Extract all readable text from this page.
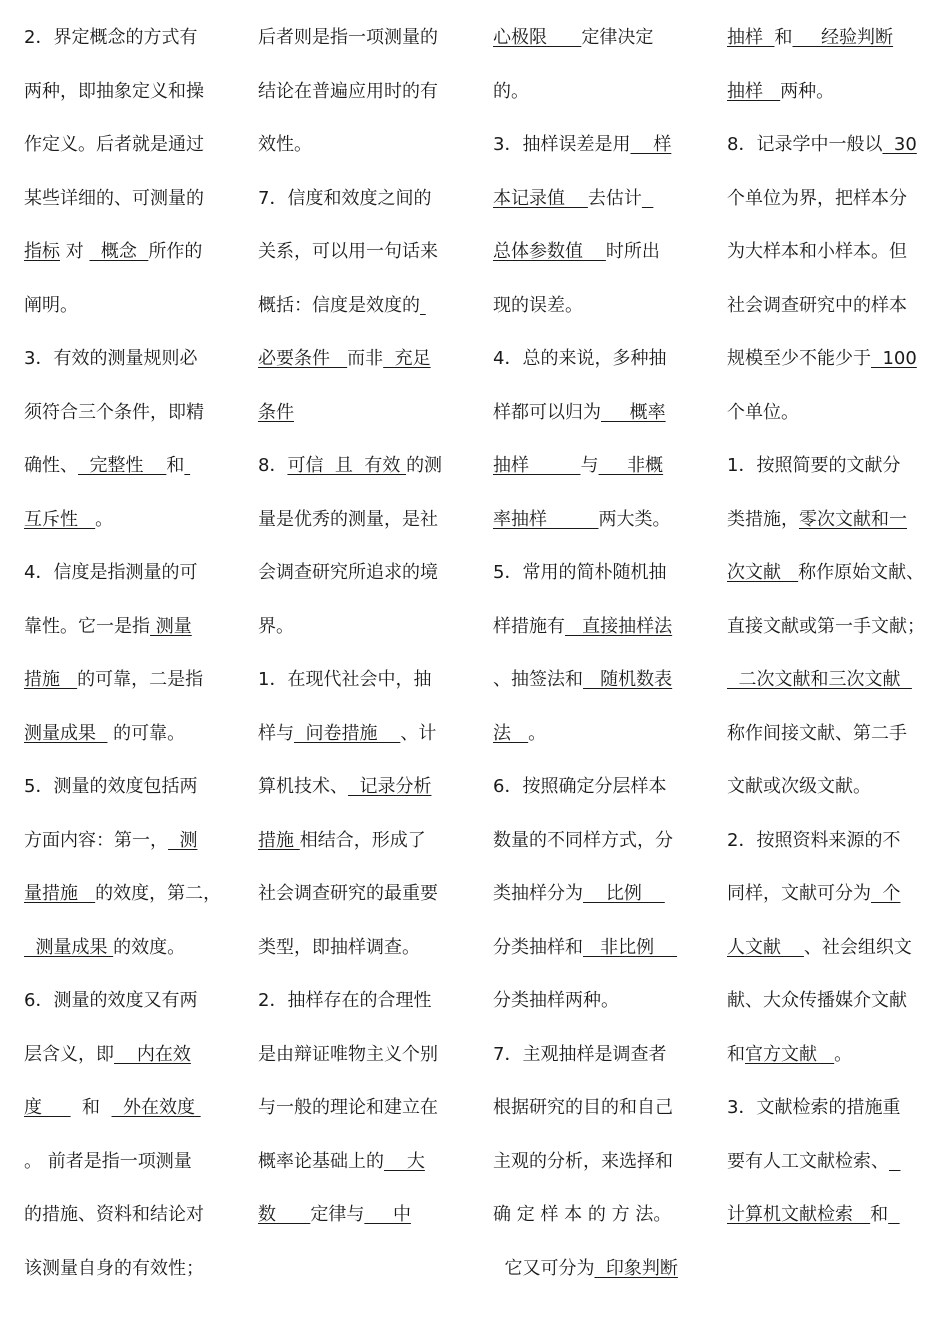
2．界定概念的方式有
两种，即抽象定义和操
作定义。后者就是通过
某些详细的、可测量的
指标 对   概念  所作的
阐明。
3．有效的测量规则必
须符合三个条件，即精
确性、  完整性    和
互斥性   。
4．信度是指测量的可
靠性。它一是指 测量
措施   的可靠，二是指
测量成果   的可靠。
5．测量的效度包括两
方面内容：第一，  测
量措施   的效度，第二，
测量成果 的效度。
6．测量的效度又有两
层含义，即    内在效
度       和    外在效度
。 前者是指一项测量
的措施、资料和结论对
该测量自身的有效性；
后者则是指一项测量的
结论在普遍应用时的有
效性。
7．信度和效度之间的
关系，可以用一句话来
概括：信度是效度的
必要条件   而非  充足
条件
8．可信  且  有效 的测
量是优秀的测量，是社
会调查研究所追求的境
界。
1．在现代社会中，抽
样与  问卷措施    、计
算机技术、  记录分析
措施 相结合，形成了
社会调查研究的最重要
类型，即抽样调查。
2．抽样存在的合理性
是由辩证唯物主义个别
与一般的理论和建立在
概率论基础上的    大
数      定律与     中
心极限      定律决定
的。
3．抽样误差是用    样
本记录值    去估计
总体参数值    时所出
现的误差。
4．总的来说，多种抽
样都可以归为     概率
抽样         与     非概
率抽样         两大类。
5．常用的简朴随机抽
样措施有   直接抽样法
、抽签法和   随机数表
法   。
6．按照确定分层样本
数量的不同样方式，分
类抽样分为    比例
分类抽样和   非比例
分类抽样两种。
7．主观抽样是调查者
根据研究的目的和自己
主观的分析，来选择和
确 定 样 本 的 方 法。
它又可分为  印象判断
抽样  和     经验判断
抽样   两种。
8．记录学中一般以  30
个单位为界，把样本分
为大样本和小样本。但
社会调查研究中的样本
规模至少不能少于  100
个单位。
1．按照简要的文献分
类措施，零次文献和一
次文献   称作原始文献、
直接文献或第一手文献；
二次文献和三次文献
称作间接文献、第二手
文献或次级文献。
2．按照资料来源的不
同样，文献可分为  个
人文献    、社会组织文
献、大众传播媒介文献
和官方文献   。
3．文献检索的措施重
要有人工文献检索、
计算机文献检索   和
